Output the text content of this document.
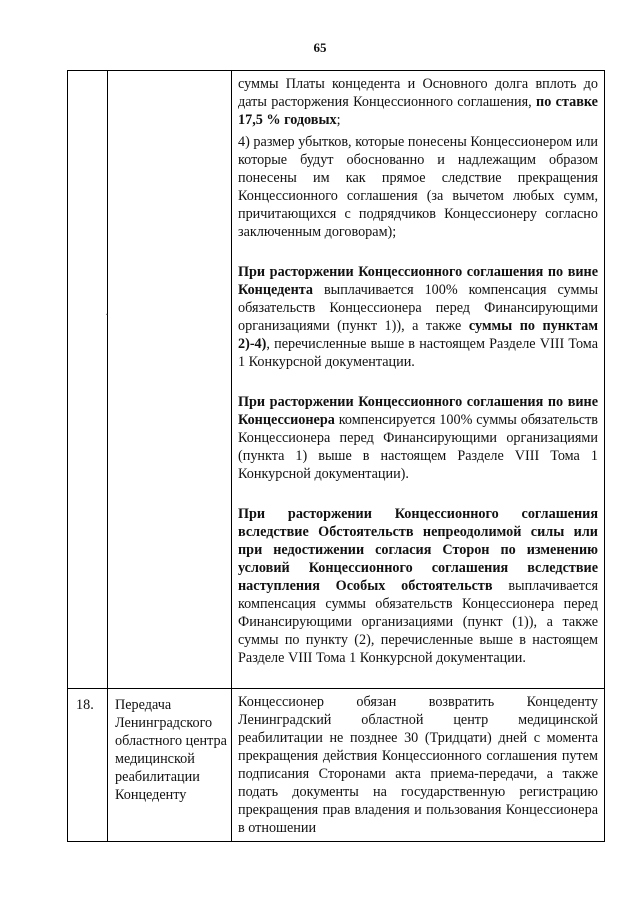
65

		суммы Платы концедента и Основного долга вплоть до даты расторжения Концессионного соглашения, по ставке 17,5 % годовых;

4) размер убытков, которые понесены Концессионером или которые будут обоснованно и надлежащим образом понесены им как прямое следствие прекращения Концессионного соглашения (за вычетом любых сумм, причитающихся с подрядчиков Концессионеру согласно заключенным договорам);

При расторжении Концессионного соглашения по вине Концедента выплачивается 100% компенсация суммы обязательств Концессионера перед Финансирующими организациями (пункт 1)), а также суммы по пунктам 2)-4), перечисленные выше в настоящем Разделе VIII Тома 1 Конкурсной документации.

При расторжении Концессионного соглашения по вине Концессионера компенсируется 100% суммы обязательств Концессионера перед Финансирующими организациями (пункта 1) выше в настоящем Разделе VIII Тома 1 Конкурсной документации).

При расторжении Концессионного соглашения вследствие Обстоятельств непреодолимой силы или при недостижении согласия Сторон по изменению условий Концессионного соглашения вследствие наступления Особых обстоятельств выплачивается компенсация суммы обязательств Концессионера перед Финансирующими организациями (пункт (1)), а также суммы по пункту (2), перечисленные выше в настоящем Разделе VIII Тома 1 Конкурсной документации.

18.	Передача Ленинградского областного центра медицинской реабилитации Концеденту	Концессионер обязан возвратить Концеденту Ленинградский областной центр медицинской реабилитации не позднее 30 (Тридцати) дней с момента прекращения действия Концессионного соглашения путем подписания Сторонами акта приема-передачи, а также подать документы на государственную регистрацию прекращения прав владения и пользования Концессионера в отношении

·
